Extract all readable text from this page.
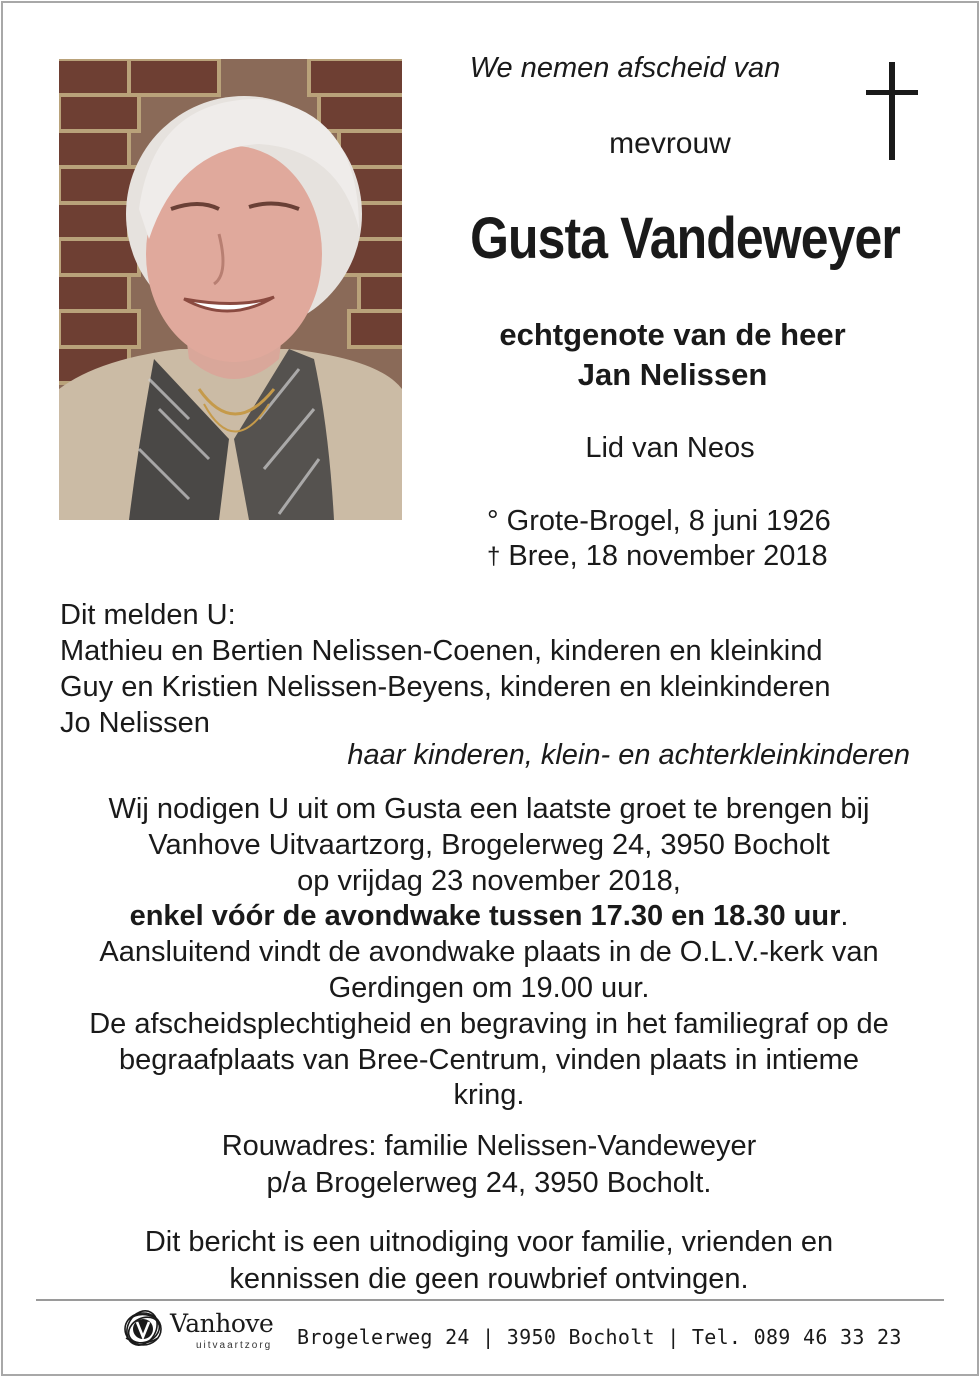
We nemen afscheid van
mevrouw
Gusta Vandeweyer
echtgenote van de heer
Jan Nelissen
Lid van Neos
° Grote-Brogel, 8 juni 1926
† Bree, 18 november 2018
Dit melden U:
Mathieu en Bertien Nelissen-Coenen, kinderen en kleinkind
Guy en Kristien Nelissen-Beyens, kinderen en kleinkinderen
Jo Nelissen
haar kinderen, klein- en achterkleinkinderen
Wij nodigen U uit om Gusta een laatste groet te brengen bij
Vanhove Uitvaartzorg, Brogelerweg 24, 3950 Bocholt
op vrijdag 23 november 2018,
enkel vóór de avondwake tussen 17.30 en 18.30 uur.
Aansluitend vindt de avondwake plaats in de O.L.V.-kerk van
Gerdingen om 19.00 uur.
De afscheidsplechtigheid en begraving in het familiegraf op de
begraafplaats van Bree-Centrum, vinden plaats in intieme
kring.
Rouwadres: familie Nelissen-Vandeweyer
p/a Brogelerweg 24, 3950 Bocholt.
Dit bericht is een uitnodiging voor familie, vrienden en
kennissen die geen rouwbrief ontvingen.
Vanhove
uitvaartzorg Brogelerweg 24 | 3950 Bocholt | Tel. 089 46 33 23
